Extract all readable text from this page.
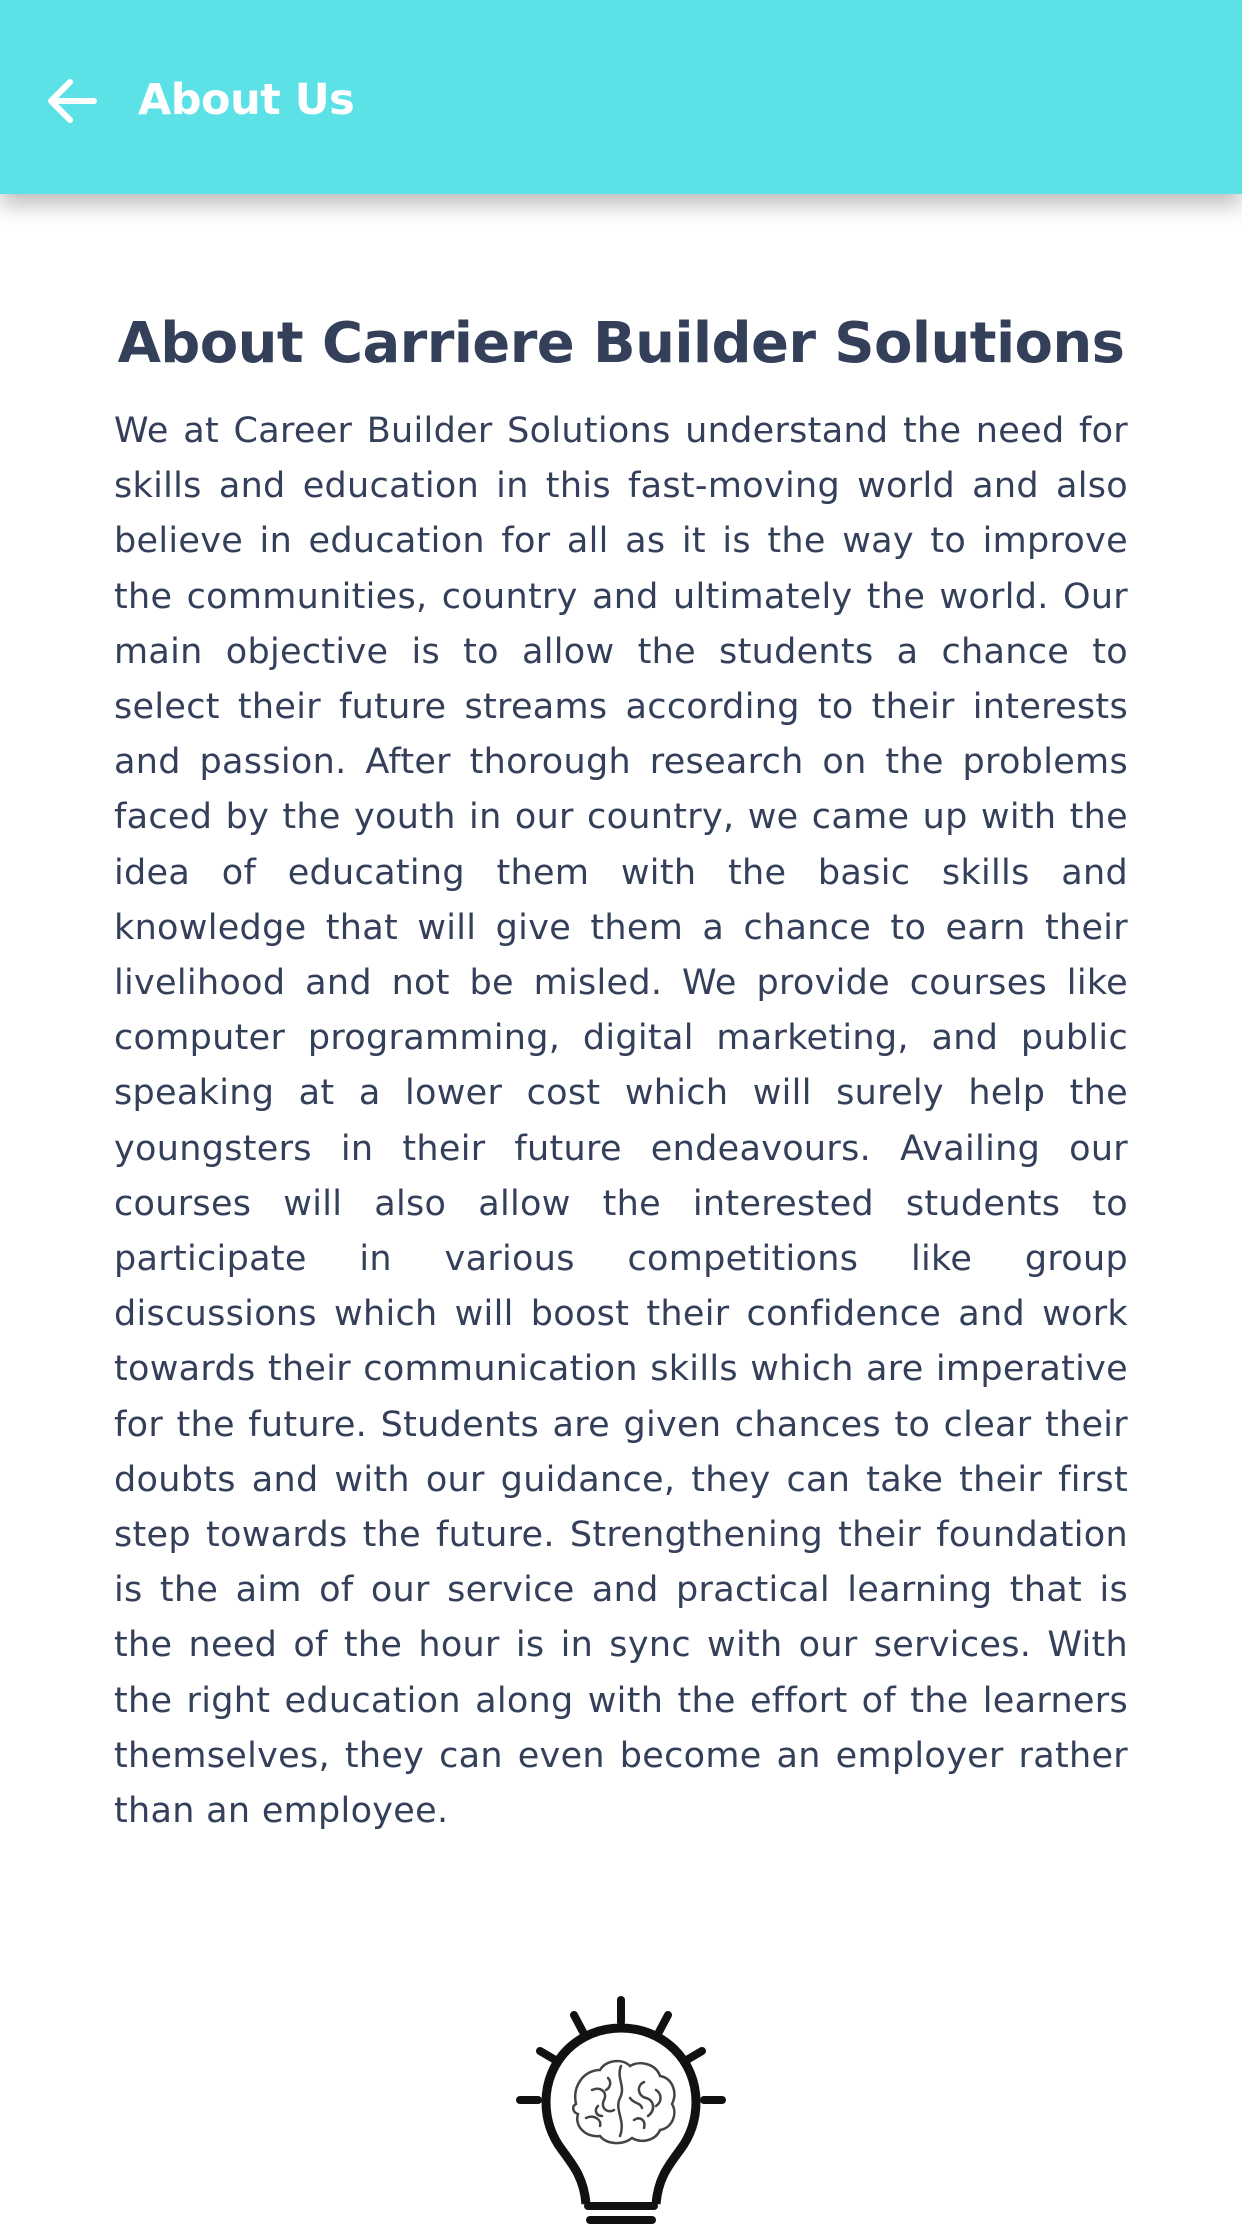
About Us
About Carriere Builder Solutions

We at Career Builder Solutions understand the need for skills and education in this fast-moving world and also believe in education for all as it is the way to improve the communities, country and ultimately the world. Our main objective is to allow the students a chance to select their future streams according to their interests and passion. After thorough research on the problems faced by the youth in our country, we came up with the idea of educating them with the basic skills and knowledge that will give them a chance to earn their livelihood and not be misled. We provide courses like computer programming, digital marketing, and public speaking at a lower cost which will surely help the youngsters in their future endeavours. Availing our courses will also allow the interested students to participate in various competitions like group discussions which will boost their confidence and work towards their communication skills which are imperative for the future. Students are given chances to clear their doubts and with our guidance, they can take their first step towards the future. Strengthening their foundation is the aim of our service and practical learning that is the need of the hour is in sync with our services. With the right education along with the effort of the learners themselves, they can even become an employer rather than an employee.
